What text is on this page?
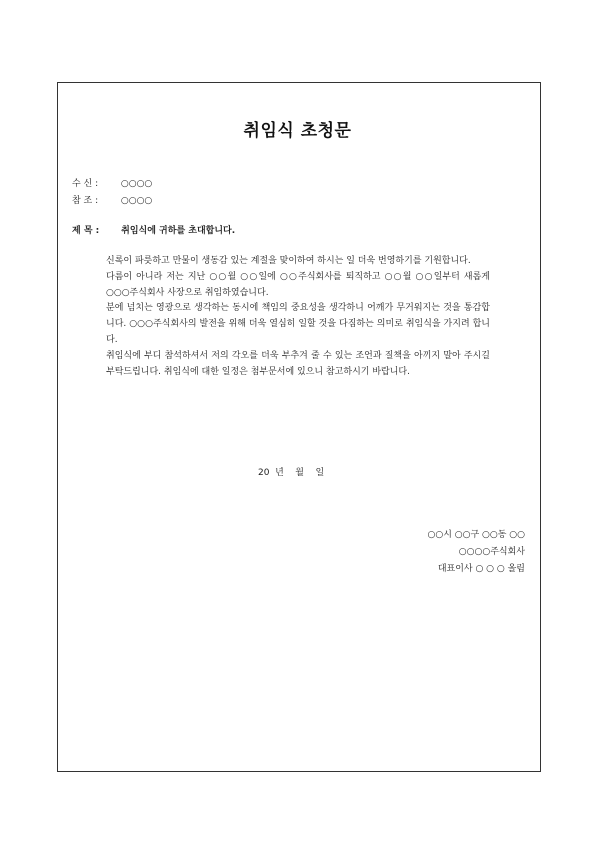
취임식 초청문
수 신 :	○○○○
참 조 :	○○○○
제 목 : 취임식에 귀하를 초대합니다.

신록이 파릇하고 만물이 생동감 있는 계절을 맞이하여 하시는 일 더욱 번영하기를 기원합니다.

다름이 아니라 저는 지난 ○○월 ○○일에 ○○주식회사를 퇴직하고 ○○월 ○○일부터 새롭게 ○○○주식회사 사장으로 취임하였습니다.

분에 넘치는 영광으로 생각하는 동시에 책임의 중요성을 생각하니 어깨가 무거워지는 것을 통감합니다. ○○○주식회사의 발전을 위해 더욱 열심히 일할 것을 다짐하는 의미로 취임식을 가지려 합니다.

취임식에 부디 참석하셔서 저의 각오를 더욱 부추겨 줄 수 있는 조언과 질책을 아끼지 말아 주시길 부탁드립니다. 취임식에 대한 일정은 첨부문서에 있으니 참고하시기 바랍니다.

20  년    월    일
○○시 ○○구 ○○동 ○○
○○○○주식회사
대표이사 ○ ○ ○ 올림
